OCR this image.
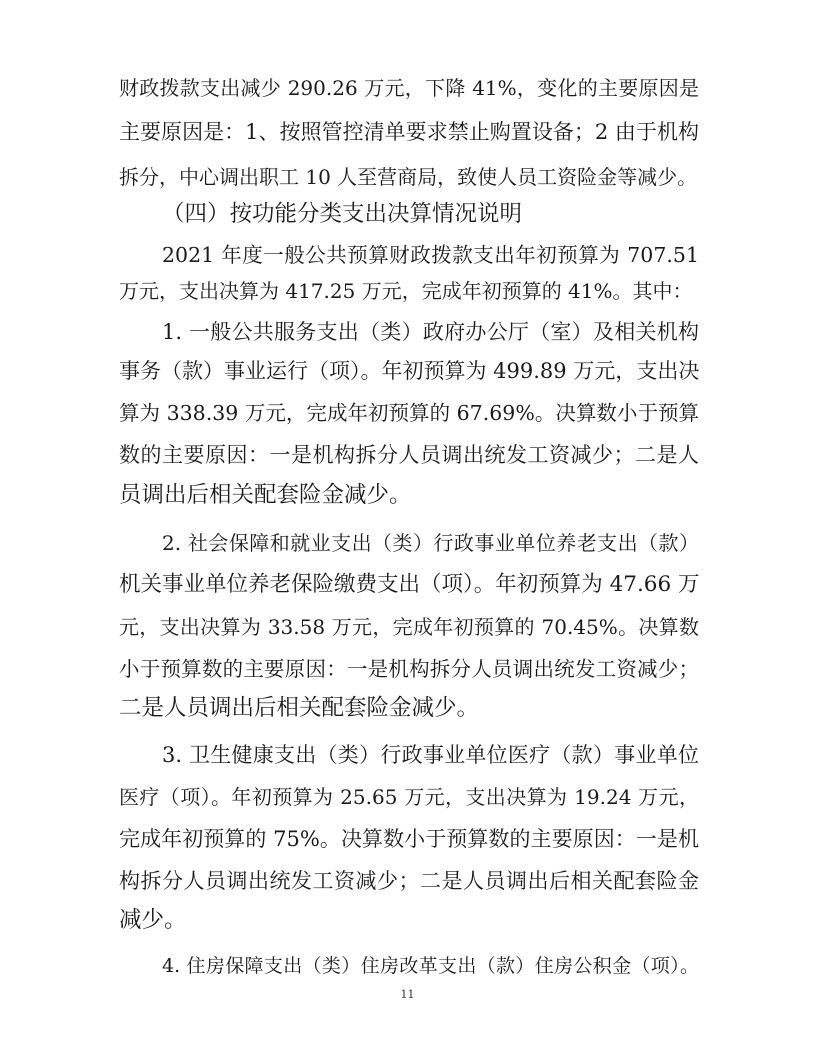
财政拨款支出减少 290.26 万元，下降 41%，变化的主要原因是
主要原因是：1、按照管控清单要求禁止购置设备；2 由于机构
拆分，中心调出职工 10 人至营商局，致使人员工资险金等减少。
（四）按功能分类支出决算情况说明
2021 年度一般公共预算财政拨款支出年初预算为 707.51
万元，支出决算为 417.25 万元，完成年初预算的 41%。其中：
1. 一般公共服务支出（类）政府办公厅（室）及相关机构
事务（款）事业运行（项）。年初预算为 499.89 万元，支出决
算为 338.39 万元，完成年初预算的 67.69%。决算数小于预算
数的主要原因：一是机构拆分人员调出统发工资减少；二是人
员调出后相关配套险金减少。
2. 社会保障和就业支出（类）行政事业单位养老支出（款）
机关事业单位养老保险缴费支出（项）。年初预算为 47.66 万
元，支出决算为 33.58 万元，完成年初预算的 70.45%。决算数
小于预算数的主要原因：一是机构拆分人员调出统发工资减少；
二是人员调出后相关配套险金减少。
3. 卫生健康支出（类）行政事业单位医疗（款）事业单位
医疗（项）。年初预算为 25.65 万元，支出决算为 19.24 万元，
完成年初预算的 75%。决算数小于预算数的主要原因：一是机
构拆分人员调出统发工资减少；二是人员调出后相关配套险金
减少。
4. 住房保障支出（类）住房改革支出（款）住房公积金（项）。
11
